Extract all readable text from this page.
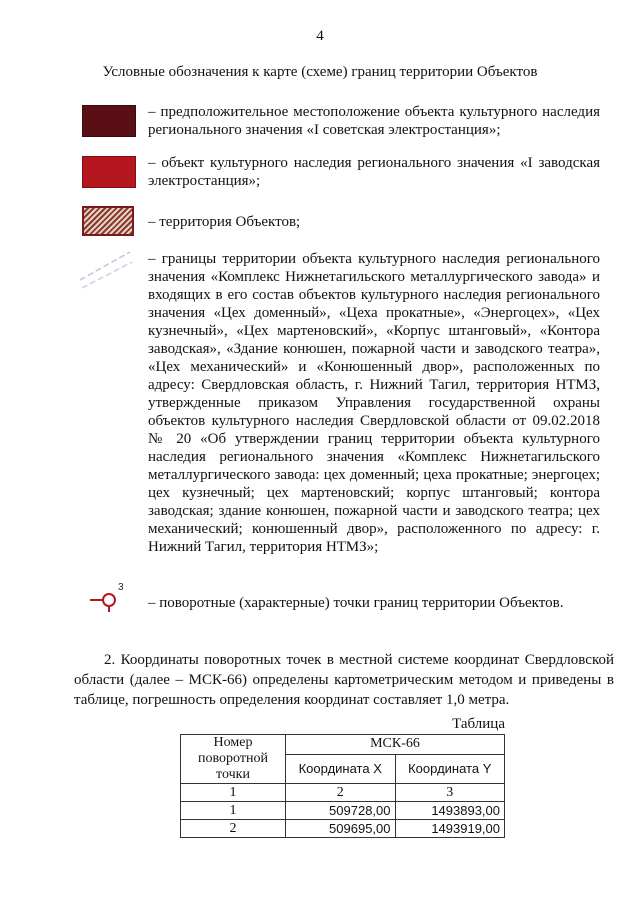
4
Условные обозначения к карте (схеме) границ территории Объектов
– предположительное местоположение объекта культурного наследия регионального значения «I советская электростанция»;
– объект культурного наследия регионального значения «I заводская электростанция»;
– территория Объектов;
– границы территории объекта культурного наследия регионального значения «Комплекс Нижнетагильского металлургического завода» и входящих в его состав объектов культурного наследия регионального значения «Цех доменный», «Цеха прокатные», «Энергоцех», «Цех кузнечный», «Цех мартеновский», «Корпус штанговый», «Контора заводская», «Здание конюшен, пожарной части и заводского театра», «Цех механический» и «Конюшенный двор», расположенных по адресу: Свердловская область, г. Нижний Тагил, территория НТМЗ, утвержденные приказом Управления государственной охраны объектов культурного наследия Свердловской области от 09.02.2018 № 20 «Об утверждении границ территории объекта культурного наследия регионального значения «Комплекс Нижнетагильского металлургического завода: цех доменный; цеха прокатные; энергоцех; цех кузнечный; цех мартеновский; корпус штанговый; контора заводская; здание конюшен, пожарной части и заводского театра; цех механический; конюшенный двор», расположенного по адресу: г. Нижний Тагил, территория НТМЗ»;
3
– поворотные (характерные) точки границ территории Объектов.
2. Координаты поворотных точек в местной системе координат Свердловской области (далее – МСК-66) определены картометрическим методом и приведены в таблице, погрешность определения координат составляет 1,0 метра.
Таблица
Номер поворотной точки	МСК-66	
	Координата X	Координата Y
1	2	3
1	509728,00	1493893,00
2	509695,00	1493919,00
